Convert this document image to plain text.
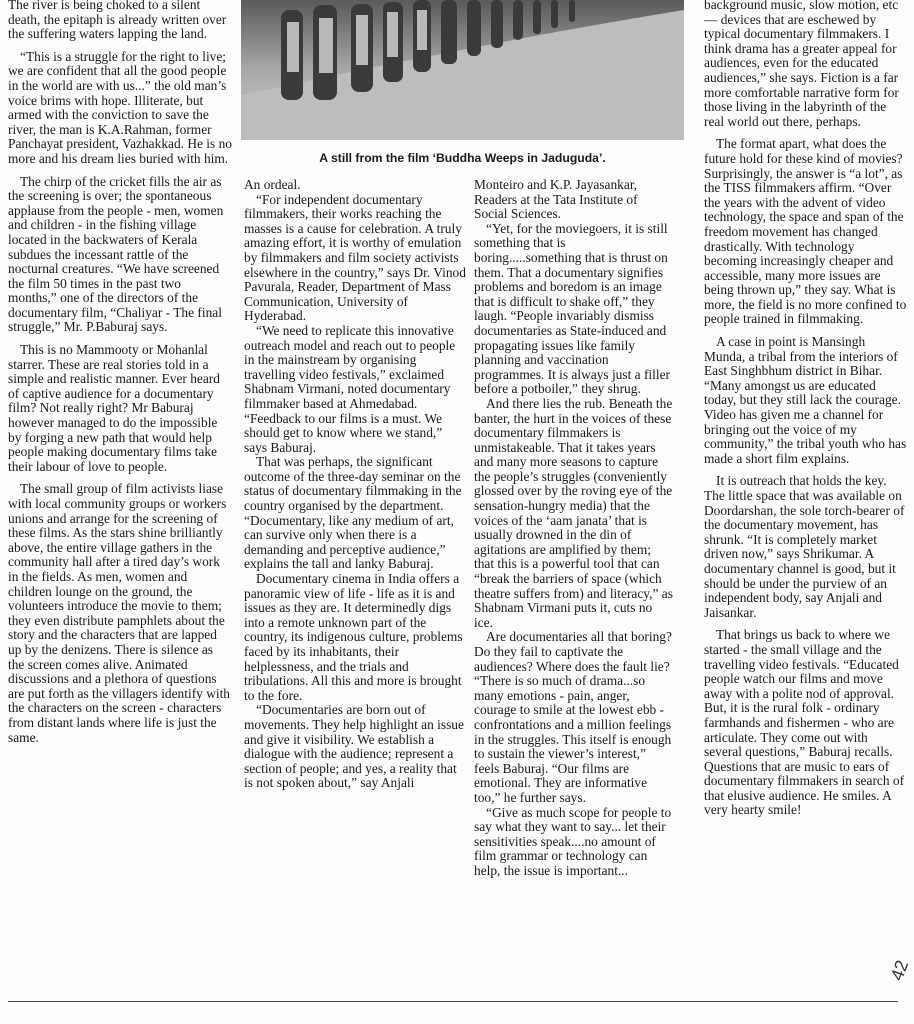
A still from the film ‘Buddha Weeps in Jaduguda’.

The river is being choked to a silent death, the epitaph is already written over the suffering waters lapping the land.

“This is a struggle for the right to live; we are confident that all the good people in the world are with us...” the old man’s voice brims with hope. Illiterate, but armed with the conviction to save the river, the man is K.A.Rahman, former Panchayat president, Vazhakkad. He is no more and his dream lies buried with him.

The chirp of the cricket fills the air as the screening is over; the spontaneous applause from the people - men, women and children - in the fishing village located in the backwaters of Kerala subdues the incessant rattle of the nocturnal creatures. “We have screened the film 50 times in the past two months,” one of the directors of the documentary film, “Chaliyar - The final struggle,” Mr. P.Baburaj says.

This is no Mammooty or Mohanlal starrer. These are real stories told in a simple and realistic manner. Ever heard of captive audience for a documentary film? Not really right? Mr Baburaj however managed to do the impossible by forging a new path that would help people making documentary films take their labour of love to people.

The small group of film activists liase with local community groups or workers unions and arrange for the screening of these films. As the stars shine brilliantly above, the entire village gathers in the community hall after a tired day’s work in the fields. As men, women and children lounge on the ground, the volunteers introduce the movie to them; they even distribute pamphlets about the story and the characters that are lapped up by the denizens. There is silence as the screen comes alive. Animated discussions and a plethora of questions are put forth as the villagers identify with the characters on the screen - characters from distant lands where life is just the same.

An ordeal.

“For independent documentary filmmakers, their works reaching the masses is a cause for celebration. A truly amazing effort, it is worthy of emulation by filmmakers and film society activists elsewhere in the country,” says Dr. Vinod Pavurala, Reader, Department of Mass Communication, University of Hyderabad.

“We need to replicate this innovative outreach model and reach out to people in the mainstream by organising travelling video festivals,” exclaimed Shabnam Virmani, noted documentary filmmaker based at Ahmedabad. “Feedback to our films is a must. We should get to know where we stand,” says Baburaj.

That was perhaps, the significant outcome of the three-day seminar on the status of documentary filmmaking in the country organised by the department. “Documentary, like any medium of art, can survive only when there is a demanding and perceptive audience,” explains the tall and lanky Baburaj.

Documentary cinema in India offers a panoramic view of life - life as it is and issues as they are. It determinedly digs into a remote unknown part of the country, its indigenous culture, problems faced by its inhabitants, their helplessness, and the trials and tribulations. All this and more is brought to the fore.

“Documentaries are born out of movements. They help highlight an issue and give it visibility. We establish a dialogue with the audience; represent a section of people; and yes, a reality that is not spoken about,” say Anjali

Monteiro and K.P. Jayasankar, Readers at the Tata Institute of Social Sciences.

“Yet, for the moviegoers, it is still something that is boring.....something that is thrust on them. That a documentary signifies problems and boredom is an image that is difficult to shake off,” they laugh. “People invariably dismiss documentaries as State-induced and propagating issues like family planning and vaccination programmes. It is always just a filler before a potboiler,” they shrug.

And there lies the rub. Beneath the banter, the hurt in the voices of these documentary filmmakers is unmistakeable. That it takes years and many more seasons to capture the people’s struggles (conveniently glossed over by the roving eye of the sensation-hungry media) that the voices of the ‘aam janata’ that is usually drowned in the din of agitations are amplified by them; that this is a powerful tool that can “break the barriers of space (which theatre suffers from) and literacy,” as Shabnam Virmani puts it, cuts no ice.

Are documentaries all that boring? Do they fail to captivate the audiences? Where does the fault lie? “There is so much of drama...so many emotions - pain, anger, courage to smile at the lowest ebb - confrontations and a million feelings in the struggles. This itself is enough to sustain the viewer’s interest,” feels Baburaj. “Our films are emotional. They are informative too,” he further says.

“Give as much scope for people to say what they want to say... let their sensitivities speak....no amount of film grammar or technology can help, the issue is important...

background music, slow motion, etc — devices that are eschewed by typical documentary filmmakers. I think drama has a greater appeal for audiences, even for the educated audiences,” she says. Fiction is a far more comfortable narrative form for those living in the labyrinth of the real world out there, perhaps.

The format apart, what does the future hold for these kind of movies? Surprisingly, the answer is “a lot”, as the TISS filmmakers affirm. “Over the years with the advent of video technology, the space and span of the freedom movement has changed drastically. With technology becoming increasingly cheaper and accessible, many more issues are being thrown up,” they say. What is more, the field is no more confined to people trained in filmmaking.

A case in point is Mansingh Munda, a tribal from the interiors of East Singhbhum district in Bihar. “Many amongst us are educated today, but they still lack the courage. Video has given me a channel for bringing out the voice of my community,” the tribal youth who has made a short film explains.

It is outreach that holds the key. The little space that was available on Doordarshan, the sole torch-bearer of the documentary movement, has shrunk. “It is completely market driven now,” says Shrikumar. A documentary channel is good, but it should be under the purview of an independent body, say Anjali and Jaisankar.

That brings us back to where we started - the small village and the travelling video festivals. “Educated people watch our films and move away with a polite nod of approval. But, it is the rural folk - ordinary farmhands and fishermen - who are articulate. They come out with several questions,” Baburaj recalls. Questions that are music to ears of documentary filmmakers in search of that elusive audience. He smiles. A very hearty smile!

42
